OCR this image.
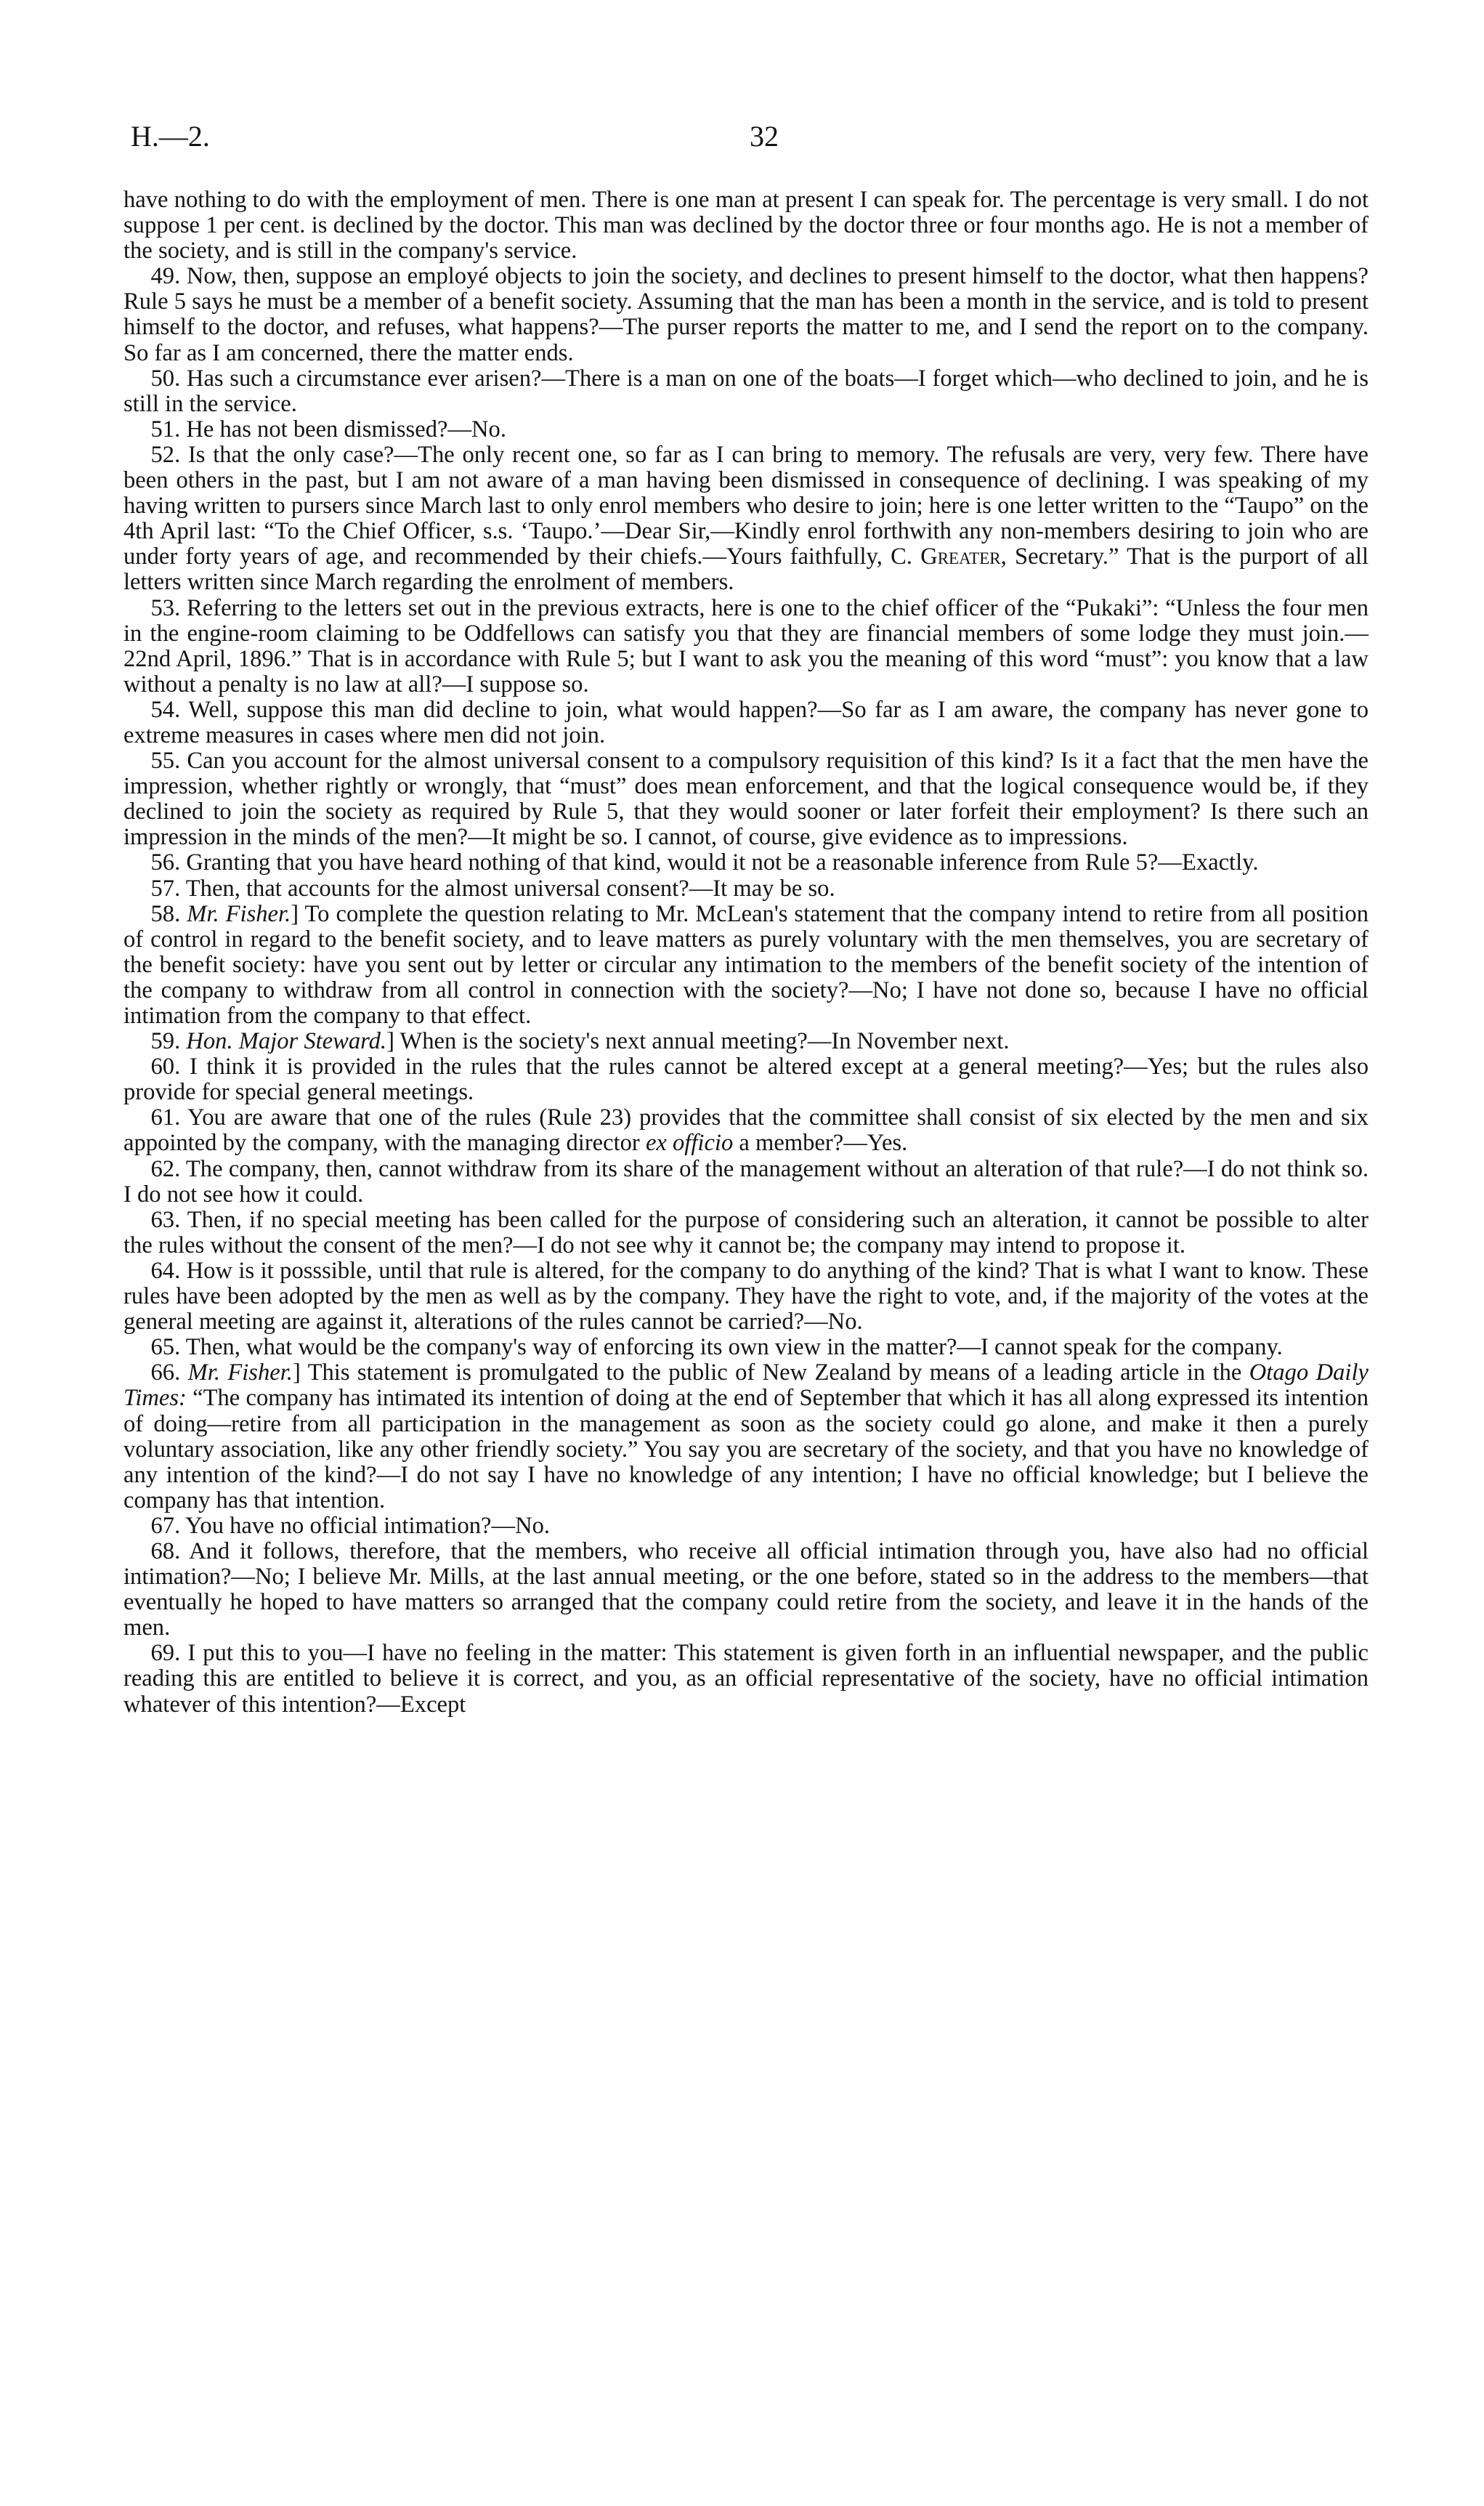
H.—2.	32

have nothing to do with the employment of men. There is one man at present I can speak for. The percentage is very small. I do not suppose 1 per cent. is declined by the doctor. This man was declined by the doctor three or four months ago. He is not a member of the society, and is still in the company's service.

49. Now, then, suppose an employé objects to join the society, and declines to present himself to the doctor, what then happens? Rule 5 says he must be a member of a benefit society. Assuming that the man has been a month in the service, and is told to present himself to the doctor, and refuses, what happens?—The purser reports the matter to me, and I send the report on to the company. So far as I am concerned, there the matter ends.

50. Has such a circumstance ever arisen?—There is a man on one of the boats—I forget which—who declined to join, and he is still in the service.

51. He has not been dismissed?—No.

52. Is that the only case?—The only recent one, so far as I can bring to memory. The refusals are very, very few. There have been others in the past, but I am not aware of a man having been dismissed in consequence of declining. I was speaking of my having written to pursers since March last to only enrol members who desire to join; here is one letter written to the “Taupo” on the 4th April last: “To the Chief Officer, s.s. ‘Taupo.’—Dear Sir,—Kindly enrol forthwith any non-members desiring to join who are under forty years of age, and recommended by their chiefs.—Yours faithfully, C. Greater, Secretary.” That is the purport of all letters written since March regarding the enrolment of members.

53. Referring to the letters set out in the previous extracts, here is one to the chief officer of the “Pukaki”: “Unless the four men in the engine-room claiming to be Oddfellows can satisfy you that they are financial members of some lodge they must join.—22nd April, 1896.” That is in accordance with Rule 5; but I want to ask you the meaning of this word “must”: you know that a law without a penalty is no law at all?—I suppose so.

54. Well, suppose this man did decline to join, what would happen?—So far as I am aware, the company has never gone to extreme measures in cases where men did not join.

55. Can you account for the almost universal consent to a compulsory requisition of this kind? Is it a fact that the men have the impression, whether rightly or wrongly, that “must” does mean enforcement, and that the logical consequence would be, if they declined to join the society as required by Rule 5, that they would sooner or later forfeit their employment? Is there such an impression in the minds of the men?—It might be so. I cannot, of course, give evidence as to impressions.

56. Granting that you have heard nothing of that kind, would it not be a reasonable inference from Rule 5?—Exactly.

57. Then, that accounts for the almost universal consent?—It may be so.

58. Mr. Fisher.] To complete the question relating to Mr. McLean's statement that the company intend to retire from all position of control in regard to the benefit society, and to leave matters as purely voluntary with the men themselves, you are secretary of the benefit society: have you sent out by letter or circular any intimation to the members of the benefit society of the intention of the company to withdraw from all control in connection with the society?—No; I have not done so, because I have no official intimation from the company to that effect.

59. Hon. Major Steward.] When is the society's next annual meeting?—In November next.

60. I think it is provided in the rules that the rules cannot be altered except at a general meeting?—Yes; but the rules also provide for special general meetings.

61. You are aware that one of the rules (Rule 23) provides that the committee shall consist of six elected by the men and six appointed by the company, with the managing director ex officio a member?—Yes.

62. The company, then, cannot withdraw from its share of the management without an alteration of that rule?—I do not think so. I do not see how it could.

63. Then, if no special meeting has been called for the purpose of considering such an alteration, it cannot be possible to alter the rules without the consent of the men?—I do not see why it cannot be; the company may intend to propose it.

64. How is it posssible, until that rule is altered, for the company to do anything of the kind? That is what I want to know. These rules have been adopted by the men as well as by the company. They have the right to vote, and, if the majority of the votes at the general meeting are against it, alterations of the rules cannot be carried?—No.

65. Then, what would be the company's way of enforcing its own view in the matter?—I cannot speak for the company.

66. Mr. Fisher.] This statement is promulgated to the public of New Zealand by means of a leading article in the Otago Daily Times: “The company has intimated its intention of doing at the end of September that which it has all along expressed its intention of doing—retire from all participation in the management as soon as the society could go alone, and make it then a purely voluntary association, like any other friendly society.” You say you are secretary of the society, and that you have no knowledge of any intention of the kind?—I do not say I have no knowledge of any intention; I have no official knowledge; but I believe the company has that intention.

67. You have no official intimation?—No.

68. And it follows, therefore, that the members, who receive all official intimation through you, have also had no official intimation?—No; I believe Mr. Mills, at the last annual meeting, or the one before, stated so in the address to the members—that eventually he hoped to have matters so arranged that the company could retire from the society, and leave it in the hands of the men.

69. I put this to you—I have no feeling in the matter: This statement is given forth in an influential newspaper, and the public reading this are entitled to believe it is correct, and you, as an official representative of the society, have no official intimation whatever of this intention?—Except
